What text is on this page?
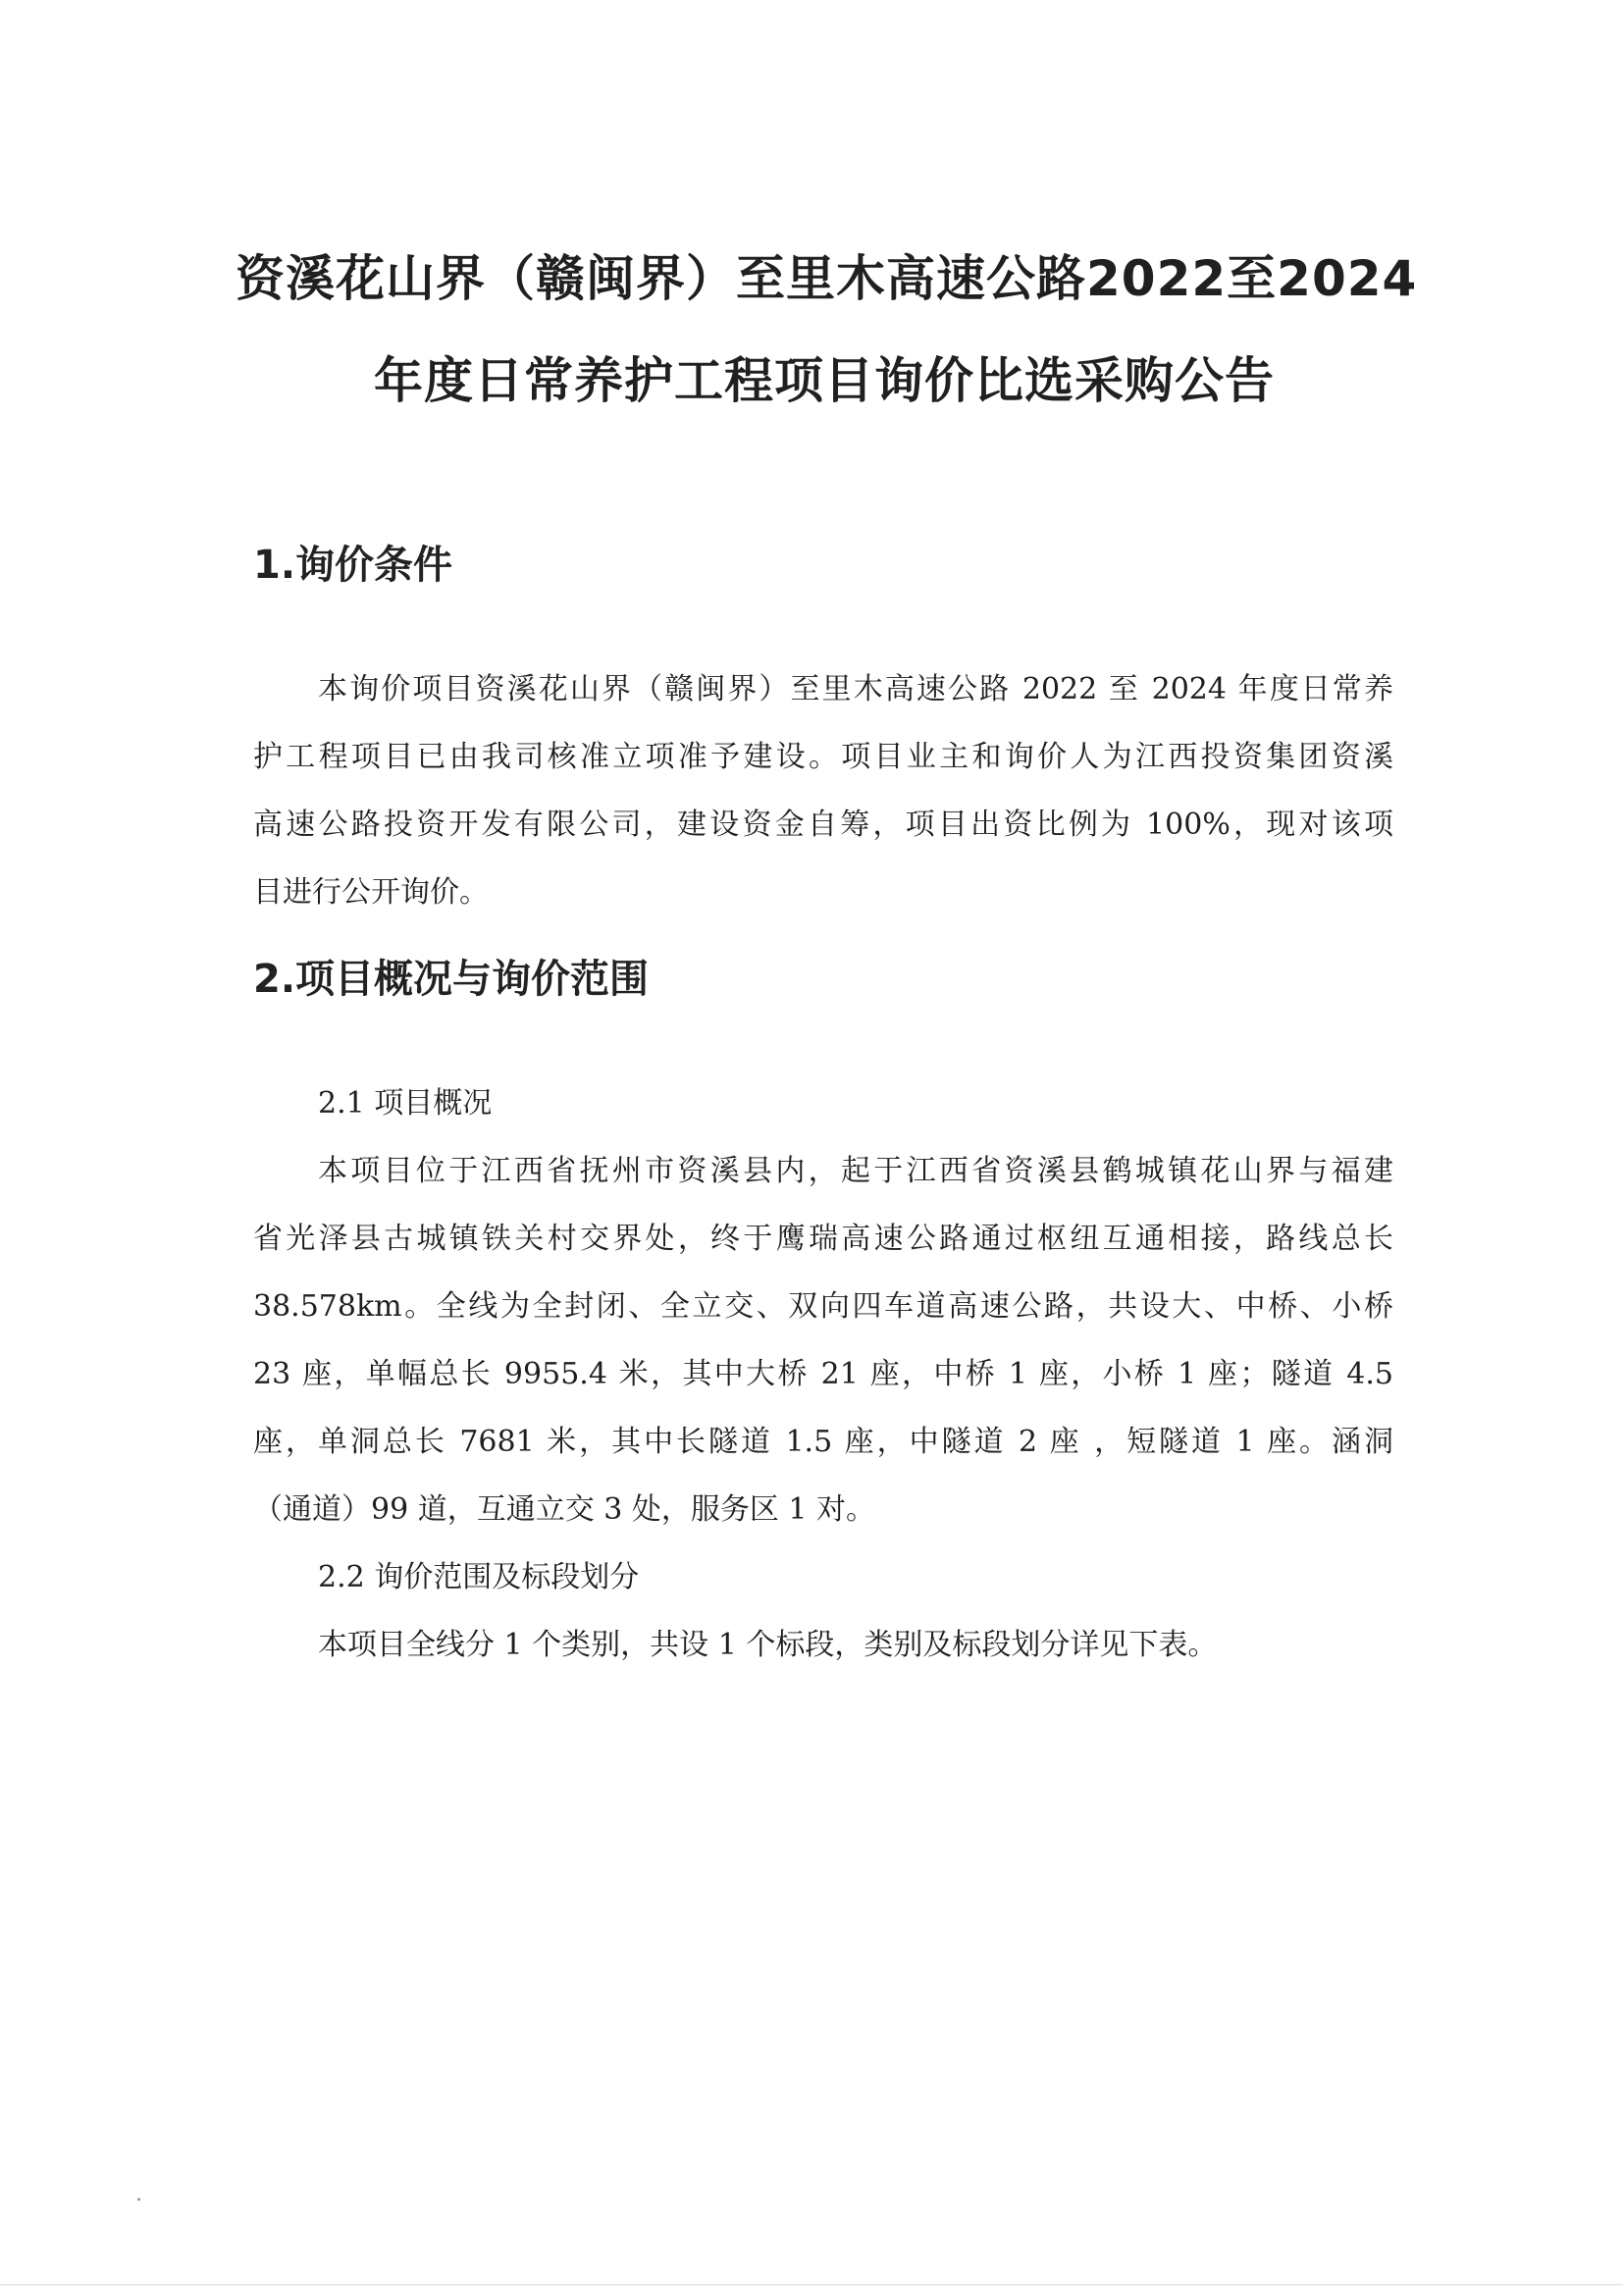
资溪花山界（赣闽界）至里木高速公路2022至2024
年度日常养护工程项目询价比选采购公告
1.询价条件
本询价项目资溪花山界（赣闽界）至里木高速公路 2022 至 2024 年度日常养
护工程项目已由我司核准立项准予建设。项目业主和询价人为江西投资集团资溪
高速公路投资开发有限公司，建设资金自筹，项目出资比例为 100%，现对该项
目进行公开询价。
2.项目概况与询价范围
2.1 项目概况
本项目位于江西省抚州市资溪县内，起于江西省资溪县鹤城镇花山界与福建
省光泽县古城镇铁关村交界处，终于鹰瑞高速公路通过枢纽互通相接，路线总长
38.578km。全线为全封闭、全立交、双向四车道高速公路，共设大、中桥、小桥
23 座，单幅总长 9955.4 米，其中大桥 21 座，中桥 1 座，小桥 1 座；隧道 4.5
座，单洞总长 7681 米，其中长隧道 1.5 座，中隧道 2 座 ，短隧道 1 座。涵洞
（通道）99 道，互通立交 3 处，服务区 1 对。
2.2 询价范围及标段划分
本项目全线分 1 个类别，共设 1 个标段，类别及标段划分详见下表。
